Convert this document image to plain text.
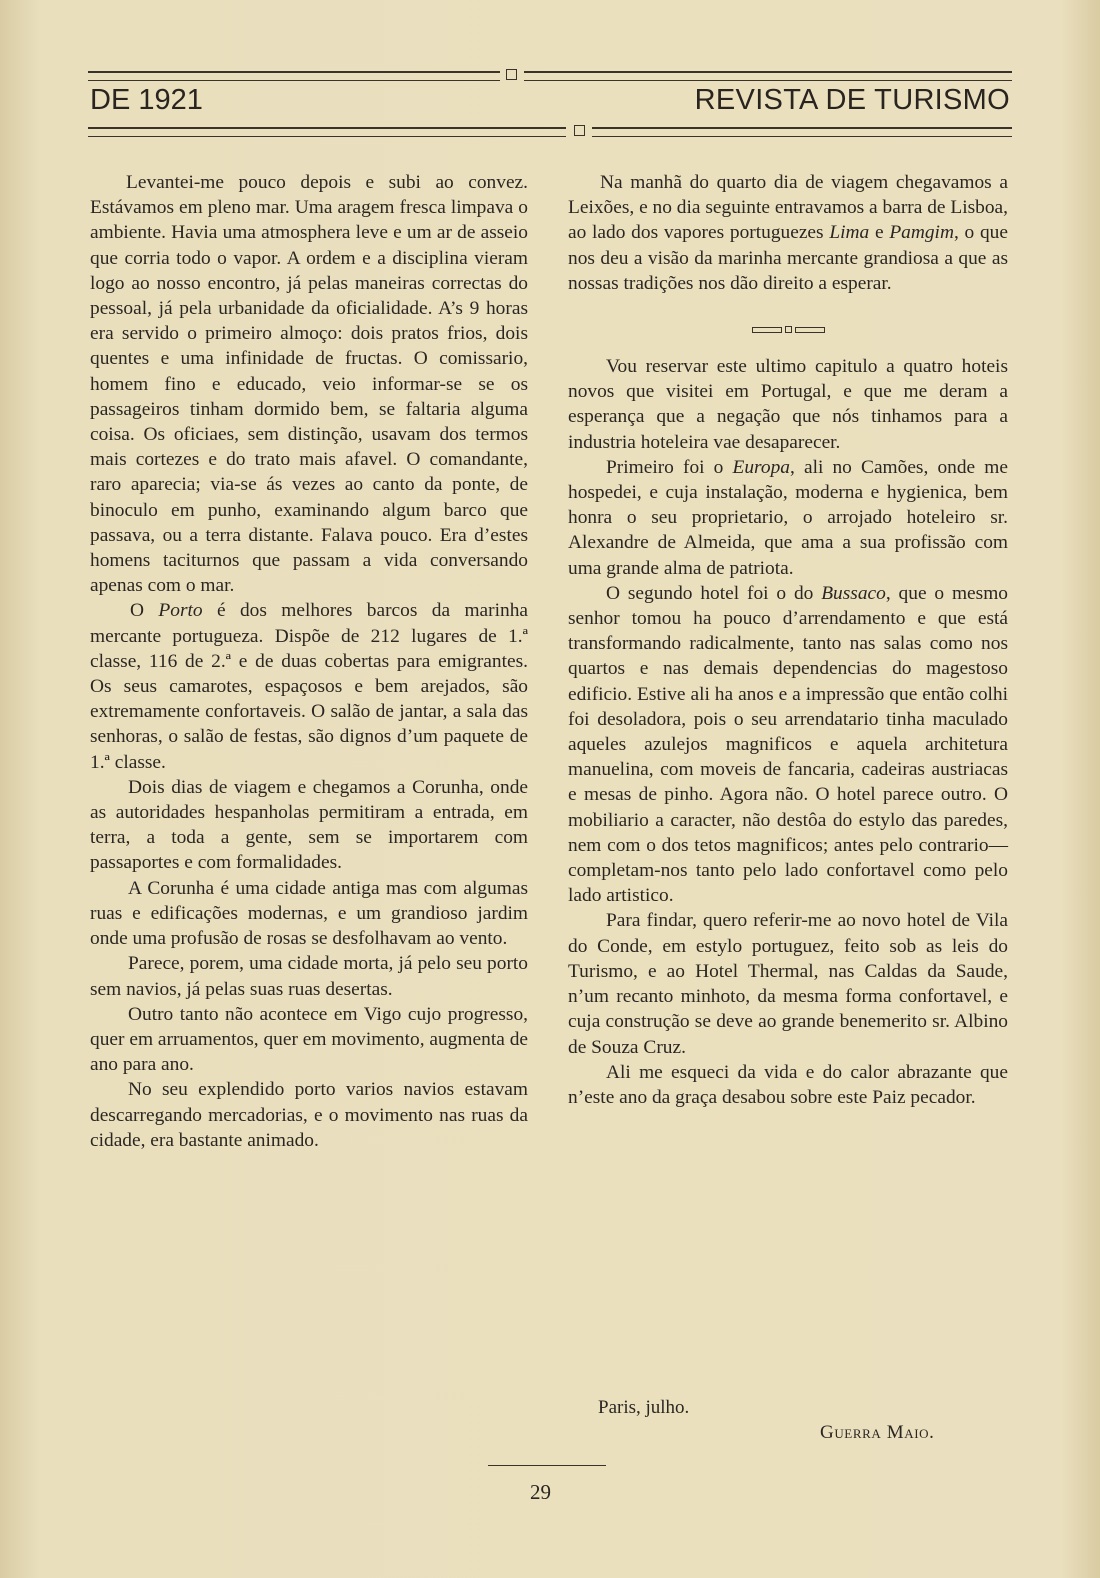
DE 1921	REVISTA DE TURISMO

Levantei-me pouco depois e subi ao convez. Estávamos em pleno mar. Uma aragem fresca limpava o ambiente. Havia uma atmosphera leve e um ar de asseio que corria todo o vapor. A ordem e a disciplina vieram logo ao nosso encontro, já pelas maneiras correctas do pessoal, já pela urbanidade da oficialidade. A’s 9 horas era servido o primeiro almoço: dois pratos frios, dois quentes e uma infinidade de fructas. O comissario, homem fino e educado, veio informar-se se os passageiros tinham dormido bem, se faltaria alguma coisa. Os oficiaes, sem distinção, usavam dos termos mais cortezes e do trato mais afavel. O comandante, raro aparecia; via-se ás vezes ao canto da ponte, de binoculo em punho, examinando algum barco que passava, ou a terra distante. Falava pouco. Era d’estes homens taciturnos que passam a vida conversando apenas com o mar.

O Porto é dos melhores barcos da marinha mercante portugueza. Dispõe de 212 lugares de 1.ª classe, 116 de 2.ª e de duas cobertas para emigrantes. Os seus camarotes, espaçosos e bem arejados, são extremamente confortaveis. O salão de jantar, a sala das senhoras, o salão de festas, são dignos d’um paquete de 1.ª classe.

Dois dias de viagem e chegamos a Corunha, onde as autoridades hespanholas permitiram a entrada, em terra, a toda a gente, sem se importarem com passaportes e com formalidades.

A Corunha é uma cidade antiga mas com algumas ruas e edificações modernas, e um grandioso jardim onde uma profusão de rosas se desfolhavam ao vento.

Parece, porem, uma cidade morta, já pelo seu porto sem navios, já pelas suas ruas desertas.

Outro tanto não acontece em Vigo cujo progresso, quer em arruamentos, quer em movimento, augmenta de ano para ano.

No seu explendido porto varios navios estavam descarregando mercadorias, e o movimento nas ruas da cidade, era bastante animado.

Na manhã do quarto dia de viagem chegavamos a Leixões, e no dia seguinte entravamos a barra de Lisboa, ao lado dos vapores portuguezes Lima e Pamgim, o que nos deu a visão da marinha mercante grandiosa a que as nossas tradições nos dão direito a esperar.

Vou reservar este ultimo capitulo a quatro hoteis novos que visitei em Portugal, e que me deram a esperança que a negação que nós tinhamos para a industria hoteleira vae desaparecer.

Primeiro foi o Europa, ali no Camões, onde me hospedei, e cuja instalação, moderna e hygienica, bem honra o seu proprietario, o arrojado hoteleiro sr. Alexandre de Almeida, que ama a sua profissão com uma grande alma de patriota.

O segundo hotel foi o do Bussaco, que o mesmo senhor tomou ha pouco d’arrendamento e que está transformando radicalmente, tanto nas salas como nos quartos e nas demais dependencias do magestoso edificio. Estive ali ha anos e a impressão que então colhi foi desoladora, pois o seu arrendatario tinha maculado aqueles azulejos magnificos e aquela architetura manuelina, com moveis de fancaria, cadeiras austriacas e mesas de pinho. Agora não. O hotel parece outro. O mobiliario a caracter, não destôa do estylo das paredes, nem com o dos tetos magnificos; antes pelo contrario—completam-nos tanto pelo lado confortavel como pelo lado artistico.

Para findar, quero referir-me ao novo hotel de Vila do Conde, em estylo portuguez, feito sob as leis do Turismo, e ao Hotel Thermal, nas Caldas da Saude, n’um recanto minhoto, da mesma forma confortavel, e cuja construção se deve ao grande benemerito sr. Albino de Souza Cruz.

Ali me esqueci da vida e do calor abrazante que n’este ano da graça desabou sobre este Paiz pecador.

Paris, julho.
Guerra Maio.
29
